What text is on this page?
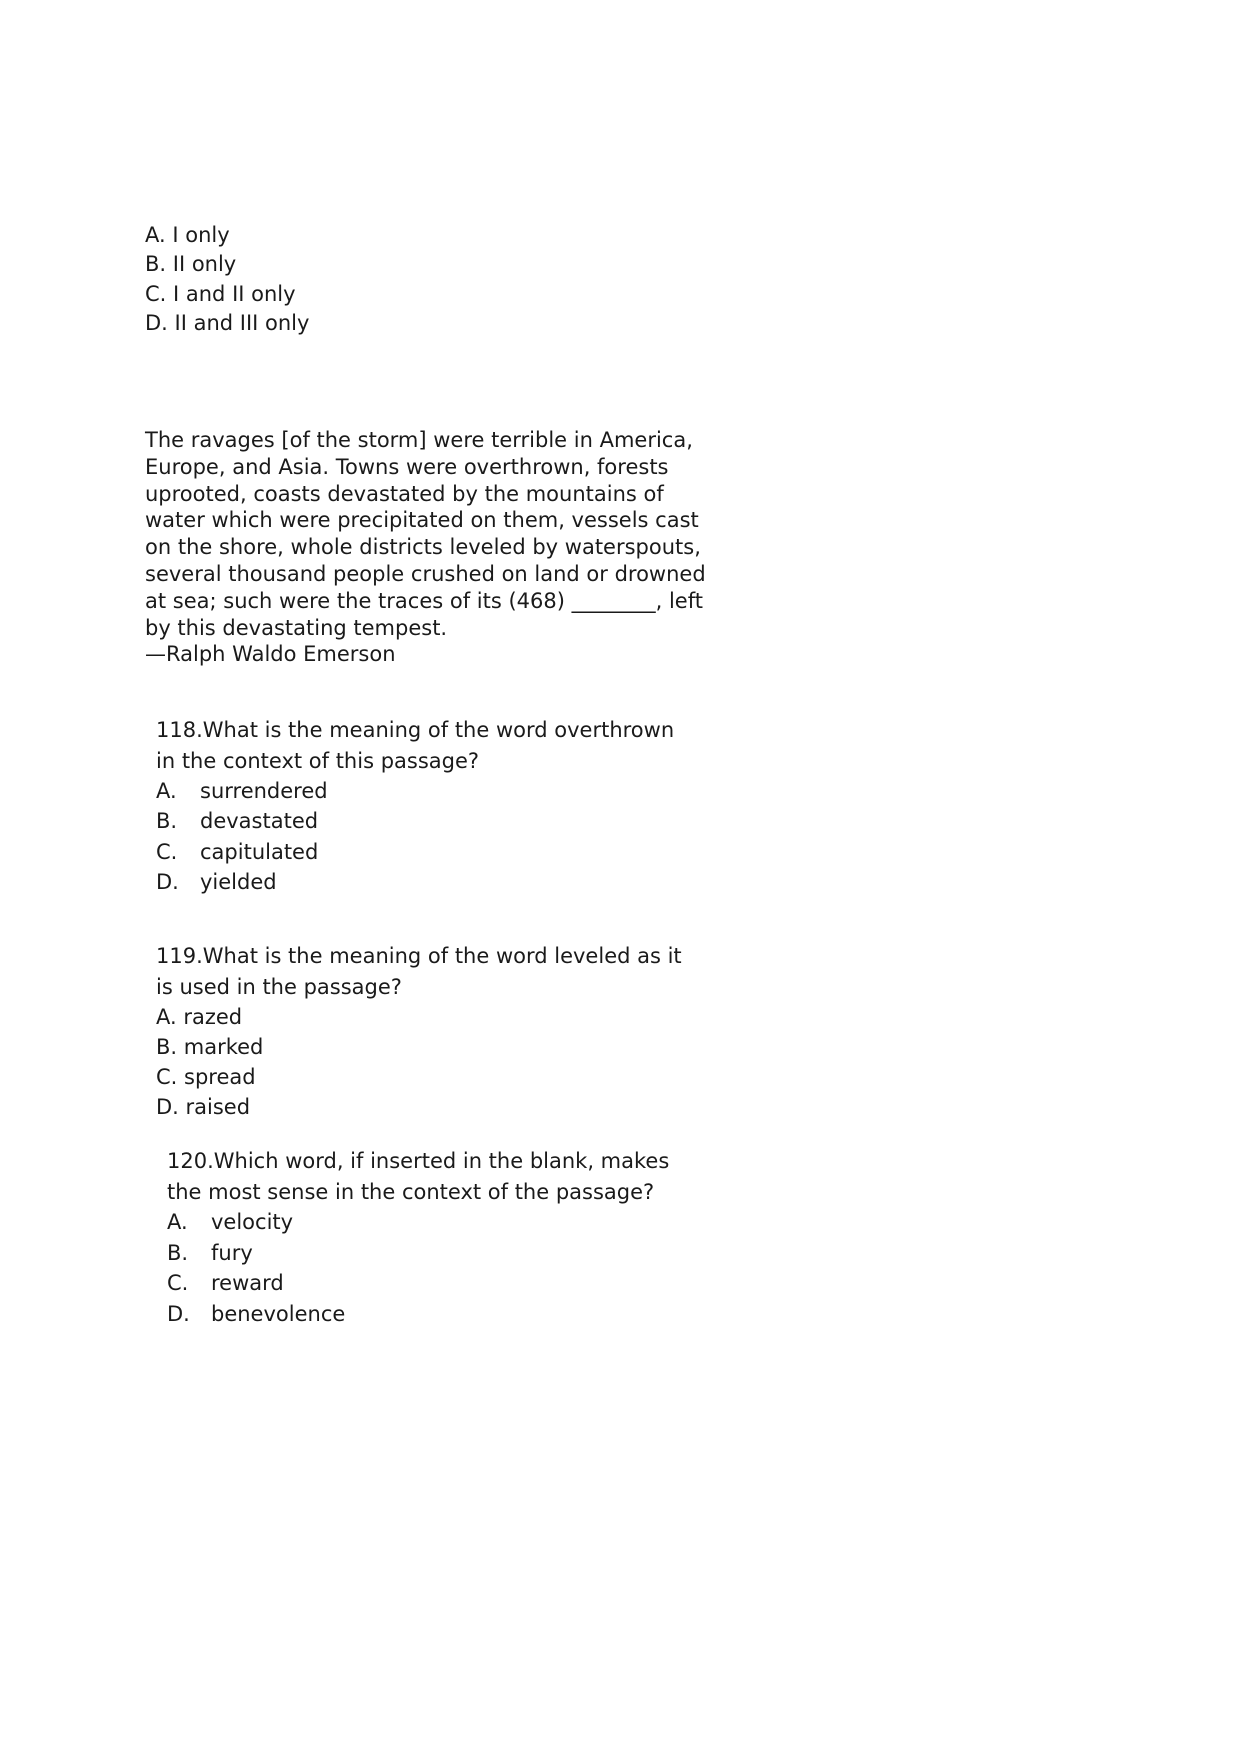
A. I only
B. II only
C. I and II only
D. II and III only
The ravages [of the storm] were terrible in America,
Europe, and Asia. Towns were overthrown, forests
uprooted, coasts devastated by the mountains of
water which were precipitated on them, vessels cast
on the shore, whole districts leveled by waterspouts,
several thousand people crushed on land or drowned
at sea; such were the traces of its (468) ________, left
by this devastating tempest.
—Ralph Waldo Emerson
118.What is the meaning of the word overthrown
in the context of this passage?
A.	surrendered
B.	devastated
C.	capitulated
D.	yielded
119.What is the meaning of the word leveled as it
is used in the passage?
A. razed
B. marked
C. spread
D. raised
120.Which word, if inserted in the blank, makes
the most sense in the context of the passage?
A.	velocity
B.	fury
C.	reward
D.	benevolence
